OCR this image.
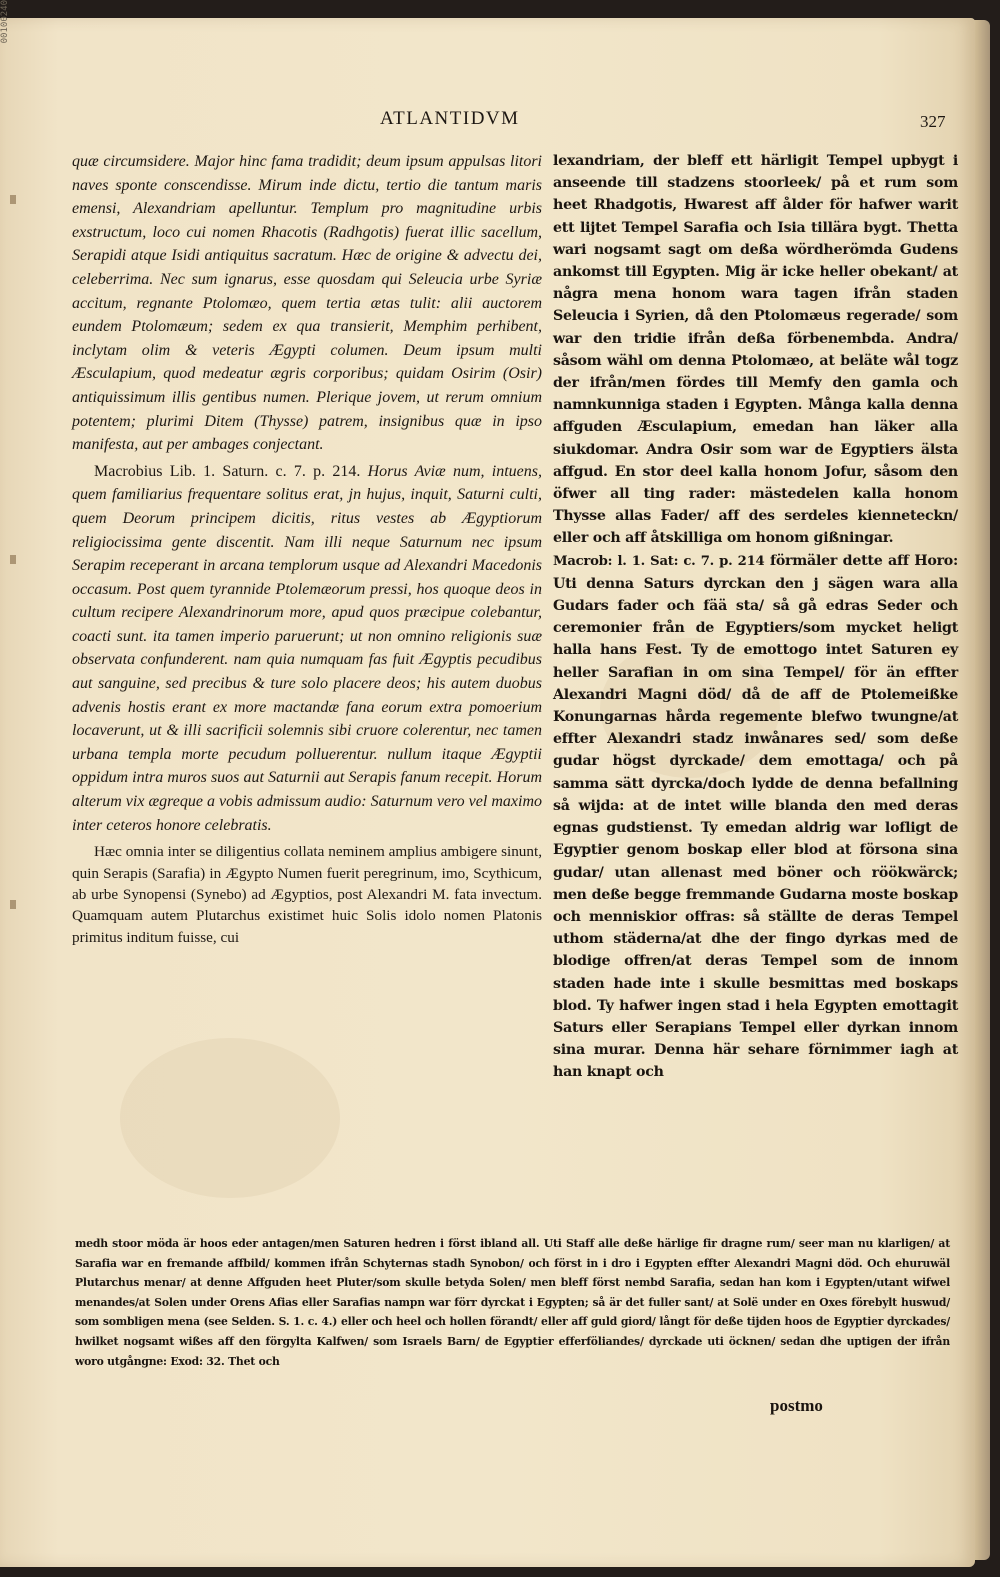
00100240
ATLANTIDVM	327

quæ circumsidere. Major hinc fama tradidit; deum ipsum appulsas litori naves sponte conscendisse. Mirum inde dictu, tertio die tantum maris emensi, Alexandriam apelluntur. Templum pro magnitudine urbis exstructum, loco cui nomen Rhacotis (Radhgotis) fuerat illic sacellum, Serapidi atque Isidi antiquitus sacratum. Hæc de origine & advectu dei, celeberrima. Nec sum ignarus, esse quosdam qui Seleucia urbe Syriæ accitum, regnante Ptolomæo, quem tertia ætas tulit: alii auctorem eundem Ptolomæum; sedem ex qua transierit, Memphim perhibent, inclytam olim & veteris Ægypti columen. Deum ipsum multi Æsculapium, quod medeatur ægris corporibus; quidam Osirim (Osir) antiquissimum illis gentibus numen. Plerique jovem, ut rerum omnium potentem; plurimi Ditem (Thysse) patrem, insignibus quæ in ipso manifesta, aut per ambages conjectant.

Macrobius Lib. 1. Saturn. c. 7. p. 214. Horus Aviæ num, intuens, quem familiarius frequentare solitus erat, jn hujus, inquit, Saturni culti, quem Deorum principem dicitis, ritus vestes ab Ægyptiorum religiocissima gente discentit. Nam illi neque Saturnum nec ipsum Serapim receperant in arcana templorum usque ad Alexandri Macedonis occasum. Post quem tyrannide Ptolemæorum pressi, hos quoque deos in cultum recipere Alexandrinorum more, apud quos præcipue colebantur, coacti sunt. ita tamen imperio paruerunt; ut non omnino religionis suæ observata confunderent. nam quia numquam fas fuit Ægyptis pecudibus aut sanguine, sed precibus & ture solo placere deos; his autem duobus advenis hostis erant ex more mactandæ fana eorum extra pomoerium locaverunt, ut & illi sacrificii solemnis sibi cruore colerentur, nec tamen urbana templa morte pecudum polluerentur. nullum itaque Ægyptii oppidum intra muros suos aut Saturnii aut Serapis fanum recepit. Horum alterum vix ægreque a vobis admissum audio: Saturnum vero vel maximo inter ceteros honore celebratis.

Hæc omnia inter se diligentius collata neminem amplius ambigere sinunt, quin Serapis (Sarafia) in Ægypto Numen fuerit peregrinum, imo, Scythicum, ab urbe Synopensi (Synebo) ad Ægyptios, post Alexandri M. fata invectum. Quamquam autem Plutarchus existimet huic Solis idolo nomen Platonis primitus inditum fuisse, cui

lexandriam, der bleff ett härligit Tempel upbygt i anseende till stadzens stoorleek/ på et rum som heet Rhadgotis, Hwarest aff ålder för hafwer warit ett lijtet Tempel Sarafia och Isia tillära bygt. Thetta wari nogsamt sagt om deßa wördherömda Gudens ankomst till Egypten. Mig är icke heller obekant/ at några mena honom wara tagen ifrån staden Seleucia i Syrien, då den Ptolomæus regerade/ som war den tridie ifrån deßa förbenembda. Andra/ såsom wähl om denna Ptolomæo, at beläte wål togz der ifrån/men fördes till Memfy den gamla och namnkunniga staden i Egypten. Många kalla denna affguden Æsculapium, emedan han läker alla siukdomar. Andra Osir som war de Egyptiers älsta affgud. En stor deel kalla honom Jofur, såsom den öfwer all ting rader: mästedelen kalla honom Thysse allas Fader/ aff des serdeles kienneteckn/ eller och aff åtskilliga om honom gißningar.

Macrob: l. 1. Sat: c. 7. p. 214 förmäler dette aff Horo: Uti denna Saturs dyrckan den j sägen wara alla Gudars fader och fää sta/ så gå edras Seder och ceremonier från de Egyptiers/som mycket heligt halla hans Fest. Ty de emottogo intet Saturen ey heller Sarafian in om sina Tempel/ för än effter Alexandri Magni död/ då de aff de Ptolemeißke Konungarnas hårda regemente blefwo twungne/at effter Alexandri stadz inwånares sed/ som deße gudar högst dyrckade/ dem emottaga/ och på samma sätt dyrcka/doch lydde de denna befallning så wijda: at de intet wille blanda den med deras egnas gudstienst. Ty emedan aldrig war lofligt de Egyptier genom boskap eller blod at försona sina gudar/ utan allenast med böner och röökwärck; men deße begge fremmande Gudarna moste boskap och menniskior offras: så ställte de deras Tempel uthom städerna/at dhe der fingo dyrkas med de blodige offren/at deras Tempel som de innom staden hade inte i skulle besmittas med boskaps blod. Ty hafwer ingen stad i hela Egypten emottagit Saturs eller Serapians Tempel eller dyrkan innom sina murar. Denna här sehare förnimmer iagh at han knapt och

medh stoor möda är hoos eder antagen/men Saturen hedren i först ibland all. Uti Staff alle deße härlige fir dragne rum/ seer man nu klarligen/ at Sarafia war en fremande affbild/ kommen ifrån Schyternas stadh Synobon/ och först in i dro i Egypten effter Alexandri Magni död. Och ehuruwäl Plutarchus menar/ at denne Affguden heet Pluter/som skulle betyda Solen/ men bleff först nembd Sarafia, sedan han kom i Egypten/utant wifwel menandes/at Solen under Orens Afias eller Sarafias nampn war förr dyrckat i Egypten; så är det fuller sant/ at Solë under en Oxes förebylt huswud/ som sombligen mena (see Selden. S. 1. c. 4.) eller och heel och hollen förandt/ eller aff guld giord/ långt för deße tijden hoos de Egyptier dyrckades/ hwilket nogsamt wißes aff den förgylta Kalfwen/ som Israels Barn/ de Egyptier efferföliandes/ dyrckade uti öcknen/ sedan dhe uptigen der ifrån woro utgångne: Exod: 32. Thet och

postmo
